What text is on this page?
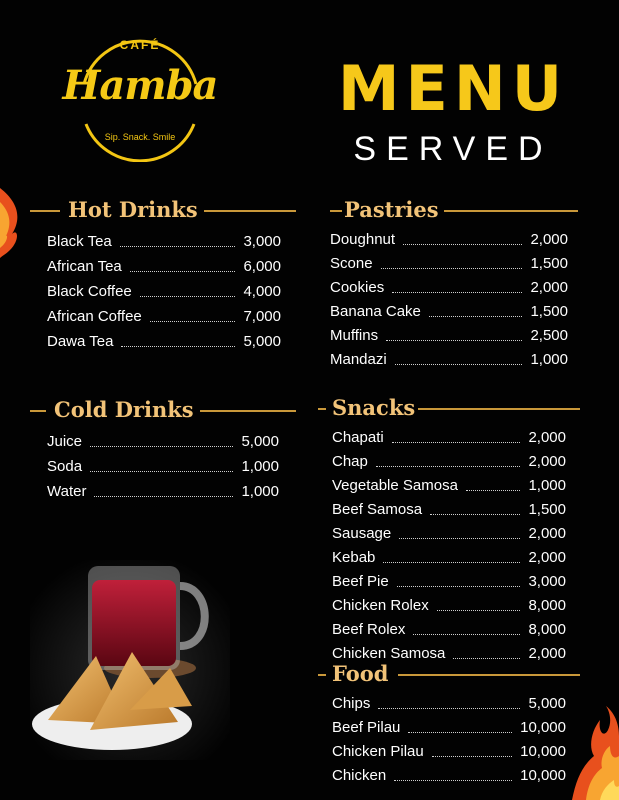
CAFÉ
Hamba
Sip. Snack. Smile
MENU
SERVED
Hot Drinks
Black Tea	3,000
African Tea	6,000
Black Coffee	4,000
African Coffee	7,000
Dawa Tea	5,000
Cold Drinks
Juice	5,000
Soda	1,000
Water	1,000
Pastries
Doughnut	2,000
Scone	1,500
Cookies	2,000
Banana Cake	1,500
Muffins	2,500
Mandazi	1,000
Snacks
Chapati	2,000
Chap	2,000
Vegetable Samosa	1,000
Beef Samosa	1,500
Sausage	2,000
Kebab	2,000
Beef Pie	3,000
Chicken Rolex	8,000
Beef Rolex	8,000
Chicken Samosa	2,000
Food
Chips	5,000
Beef Pilau	10,000
Chicken Pilau	10,000
Chicken	10,000
